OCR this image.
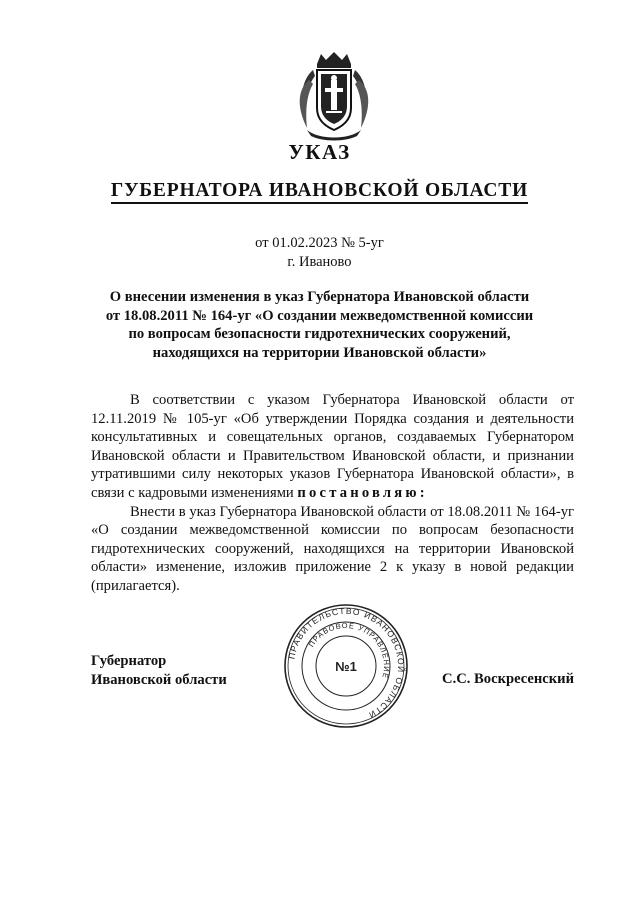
УКАЗ
ГУБЕРНАТОРА ИВАНОВСКОЙ ОБЛАСТИ
от 01.02.2023 № 5-уг
г. Иваново
О внесении изменения в указ Губернатора Ивановской области
от 18.08.2011 № 164-уг «О создании межведомственной комиссии
по вопросам безопасности гидротехнических сооружений,
находящихся на территории Ивановской области»

В соответствии с указом Губернатора Ивановской области от 12.11.2019 № 105-уг «Об утверждении Порядка создания и деятельности консультативных и совещательных органов, создаваемых Губернатором Ивановской области и Правительством Ивановской области, и признании утратившими силу некоторых указов Губернатора Ивановской области», в связи с кадровыми изменениями постановляю:

Внести в указ Губернатора Ивановской области от 18.08.2011 № 164-уг «О создании межведомственной комиссии по вопросам безопасности гидротехнических сооружений, находящихся на территории Ивановской области» изменение, изложив приложение 2 к указу в новой редакции (прилагается).

Губернатор
Ивановской области
ПРАВИТЕЛЬСТВО ИВАНОВСКОЙ ОБЛАСТИ
ПРАВОВОЕ УПРАВЛЕНИЕ
№1
С.С. Воскресенский
